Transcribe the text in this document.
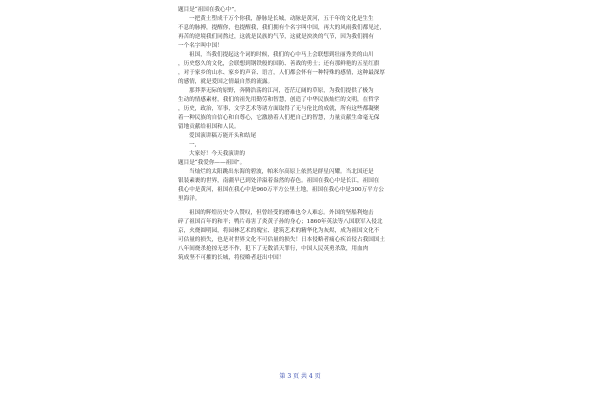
题目是“祖国在我心中”。
一把黄土塑成千万个你我，静脉是长城，动脉是黄河，五千年的文化是生生
不息的脉搏，提醒你，也提醒我，我们拥有个名字叫中国，再大的风雨我们都见过，
再苦的逆境我们同熬过，这就是民族的气节，这就是泱泱的气节，因为我们拥有
一个名字叫中国！
祖国，当我们提起这个词的时候，我们的心中马上会联想到壮丽秀美的山川
，历史悠久的文化，会联想到钢铁般的国防、善战的勇士；还有那鲜艳的五星红旗
，对于家乡的山水、家乡的声音、语言，人们都会怀有一种特殊的感情，这种最深厚
的感情，就是爱国之情最自然的流露。
那莽莽无际的原野，奔腾浩荡的江河，苍茫辽阔的草原，为我们提供了极为
生动的情感素材，我们的祖先用勤劳和智慧，创造了中华民族灿烂的文明，在哲学
，历史，政治，军事，文学艺术等诸方面取得了无与伦比的成就，所有这些都凝聚
着一种民族的自信心和自尊心，它激励着人们把自己的智慧，力量贡献生命毫无保
留地贡献给祖国和人民。
爱国演讲稿万能开头和结尾
一,
大家好！今天我演讲的
题目是“我爱你——祖国”。
当灿烂的太阳跳出东海的碧波，帕米尔高原上依然是群星闪耀。当北国还是
银装素裹的世界，南疆早已到处洋溢着盎然的春色。祖国在我心中是长江，祖国在
我心中是黄河，祖国在我心中是960万平方公里土地，祖国在我心中是300万平方公
里海洋。
祖国的辉煌历史令人赞叹，但曾经受的磨难也令人难忘。外国的坚船利炮击
碎了祖国百年的和平；鸭片毒害了炎黄子孙的身心；1860年英法等八国联军入侵北
京，火烧圆明园，将园林艺术的瑰宝、建筑艺术的精华化为灰烬，成为祖国文化不
可估量的损失，也是对世界文化不可估量的损失！日本侵略者痛心疾首侵占我国国土
八年间烧杀抢掠无恶不作，犯下了无数滔天罪行，中国人民英勇杀敌，用血肉
筑成坚不可摧的长城，将侵略者赶出中国！
第 3 页 共 4 页
